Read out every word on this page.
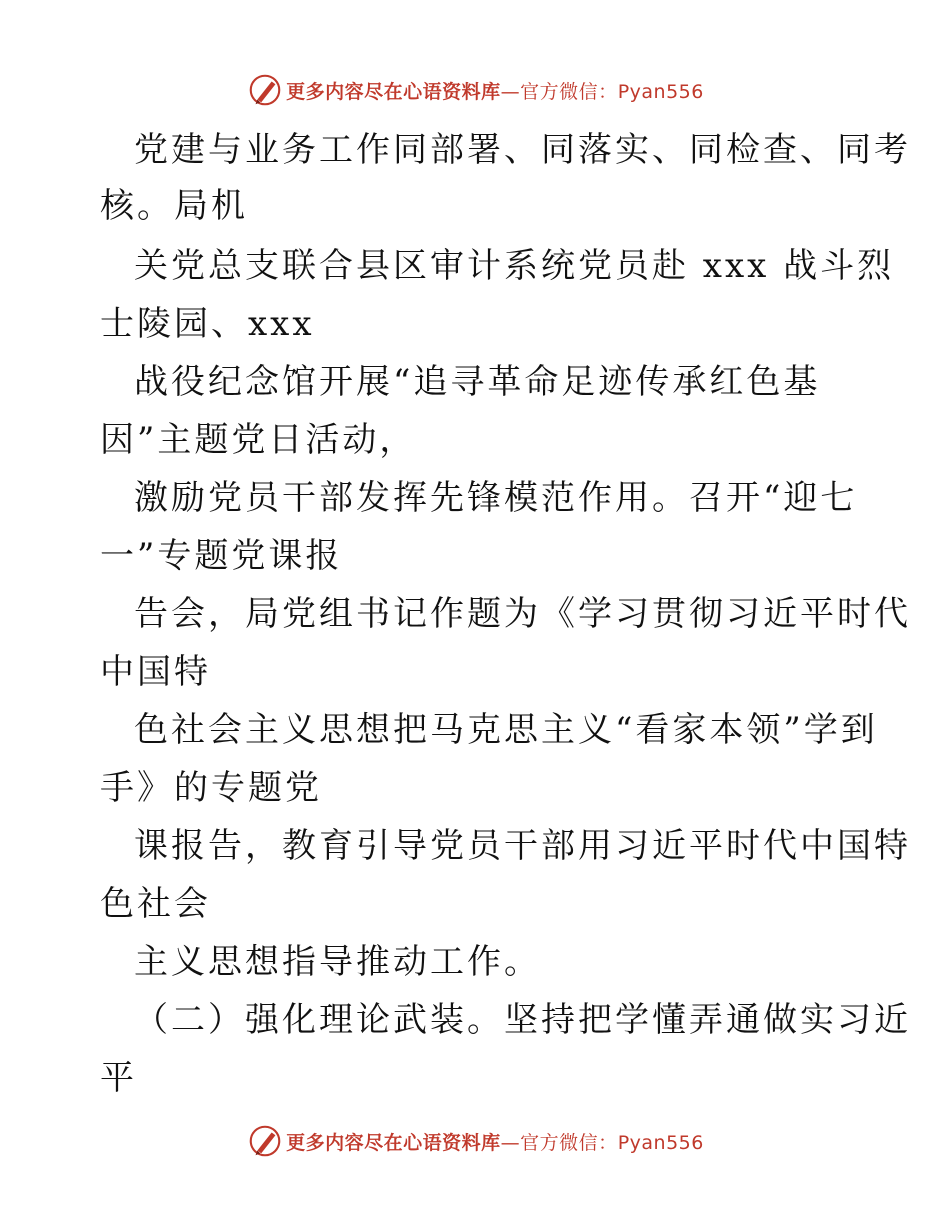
更多内容尽在心语资料库—官方微信：Pyan556
党建与业务工作同部署、同落实、同检查、同考
核。局机
关党总支联合县区审计系统党员赴 xxx 战斗烈
士陵园、xxx
战役纪念馆开展“追寻革命足迹传承红色基
因”主题党日活动，
激励党员干部发挥先锋模范作用。召开“迎七
一”专题党课报
告会，局党组书记作题为《学习贯彻习近平时代
中国特
色社会主义思想把马克思主义“看家本领”学到
手》的专题党
课报告，教育引导党员干部用习近平时代中国特
色社会
主义思想指导推动工作。
（二）强化理论武装。坚持把学懂弄通做实习近
平
更多内容尽在心语资料库—官方微信：Pyan556
